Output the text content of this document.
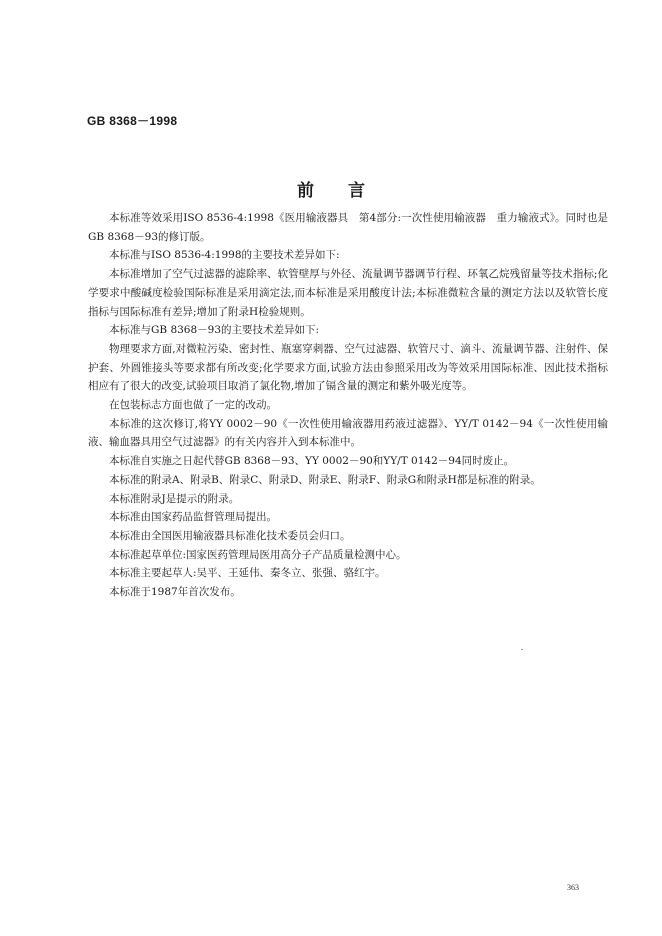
GB 8368－1998
前言

本标准等效采用ISO 8536-4:1998《医用输液器具　第4部分:一次性使用输液器　重力输液式》。同时也是GB 8368－93的修订版。

本标准与ISO 8536-4:1998的主要技术差异如下:

本标准增加了空气过滤器的滤除率、软管壁厚与外径、流量调节器调节行程、环氧乙烷残留量等技术指标;化学要求中酸碱度检验国际标准是采用滴定法,而本标准是采用酸度计法;本标准微粒含量的测定方法以及软管长度指标与国际标准有差异;增加了附录H检验规则。

本标准与GB 8368－93的主要技术差异如下:

物理要求方面,对微粒污染、密封性、瓶塞穿刺器、空气过滤器、软管尺寸、滴斗、流量调节器、注射件、保护套、外圆锥接头等要求都有所改变;化学要求方面,试验方法由参照采用改为等效采用国际标准、因此技术指标相应有了很大的改变,试验项目取消了氯化物,增加了镉含量的测定和紫外吸光度等。

在包装标志方面也做了一定的改动。

本标准的这次修订,将YY 0002－90《一次性使用输液器用药液过滤器》、YY/T 0142－94《一次性使用输液、输血器具用空气过滤器》的有关内容并入到本标准中。

本标准自实施之日起代替GB 8368－93、YY 0002－90和YY/T 0142－94同时废止。

本标准的附录A、附录B、附录C、附录D、附录E、附录F、附录G和附录H都是标准的附录。

本标准附录J是提示的附录。

本标准由国家药品监督管理局提出。

本标准由全国医用输液器具标准化技术委员会归口。

本标准起草单位:国家医药管理局医用高分子产品质量检测中心。

本标准主要起草人:吴平、王延伟、秦冬立、张强、骆红宇。

本标准于1987年首次发布。

363
